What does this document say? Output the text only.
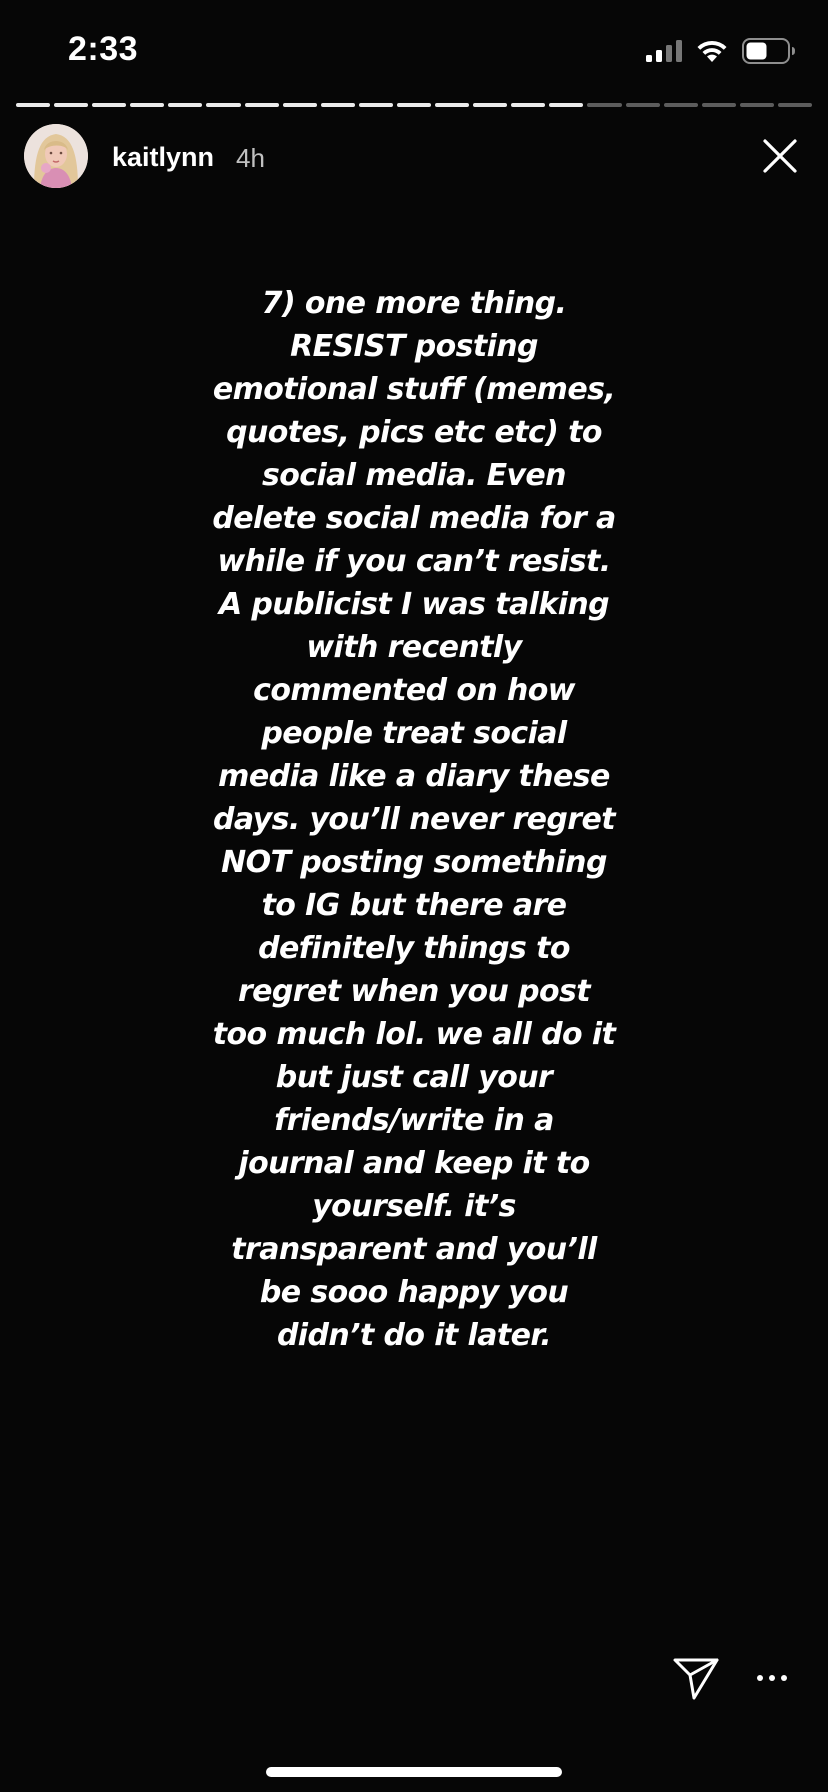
2:33
kaitlynn 4h
7) one more thing.
RESIST posting
emotional stuff (memes,
quotes, pics etc etc) to
social media. Even
delete social media for a
while if you can’t resist.
A publicist I was talking
with recently
commented on how
people treat social
media like a diary these
days. you’ll never regret
NOT posting something
to IG but there are
definitely things to
regret when you post
too much lol. we all do it
but just call your
friends/write in a
journal and keep it to
yourself. it’s
transparent and you’ll
be sooo happy you
didn’t do it later.
